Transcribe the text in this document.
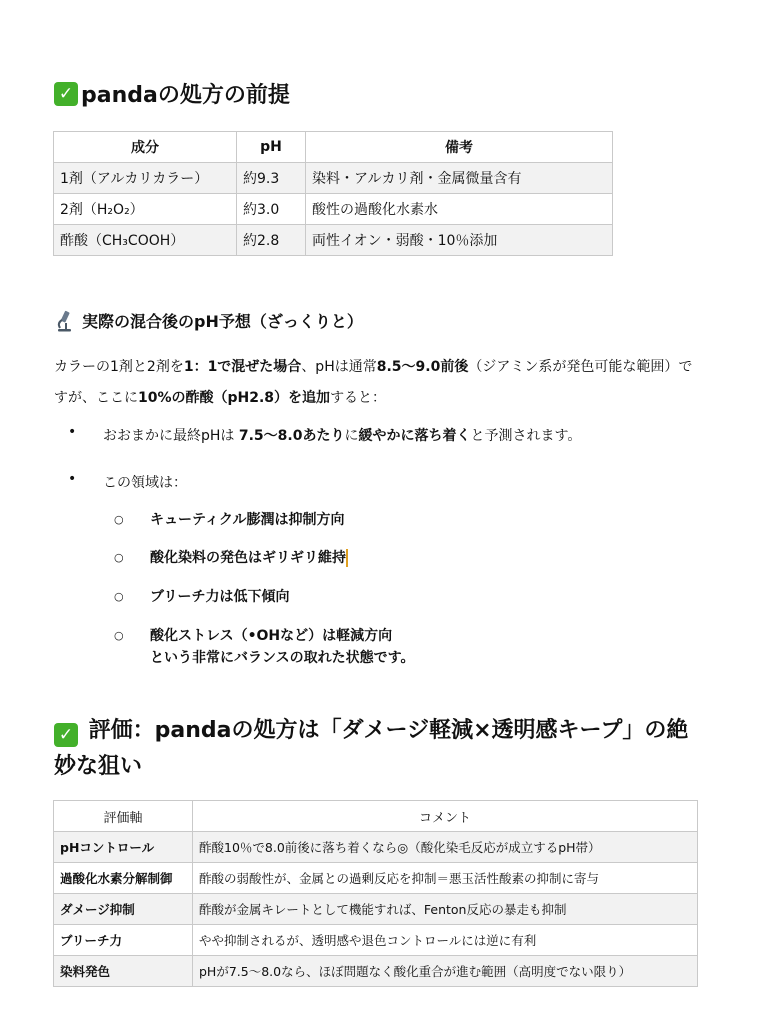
✓ pandaの処方の前提
成分	pH	備考
1剤（アルカリカラー）	約9.3	染料・アルカリ剤・金属微量含有
2剤（H₂O₂）	約3.0	酸性の過酸化水素水
酢酸（CH₃COOH）	約2.8	両性イオン・弱酸・10％添加
実際の混合後のpH予想（ざっくりと）

カラーの1剤と2剤を1：1で混ぜた場合、pHは通常8.5〜9.0前後（ジアミン系が発色可能な範囲）ですが、ここに10%の酢酸（pH2.8）を追加すると：

• おおまかに最終pHは 7.5〜8.0あたりに緩やかに落ち着くと予測されます。
• この領域は：
○ キューティクル膨潤は抑制方向
○ 酸化染料の発色はギリギリ維持
○ ブリーチ力は低下傾向
○ 酸化ストレス（•OHなど）は軽減方向
という非常にバランスの取れた状態です。
✓ 評価：pandaの処方は「ダメージ軽減×透明感キープ」の絶妙な狙い
評価軸	コメント
pHコントロール	酢酸10％で8.0前後に落ち着くなら◎（酸化染毛反応が成立するpH帯）
過酸化水素分解制御	酢酸の弱酸性が、金属との過剰反応を抑制＝悪玉活性酸素の抑制に寄与
ダメージ抑制	酢酸が金属キレートとして機能すれば、Fenton反応の暴走も抑制
ブリーチ力	やや抑制されるが、透明感や退色コントロールには逆に有利
染料発色	pHが7.5〜8.0なら、ほぼ問題なく酸化重合が進む範囲（高明度でない限り）
